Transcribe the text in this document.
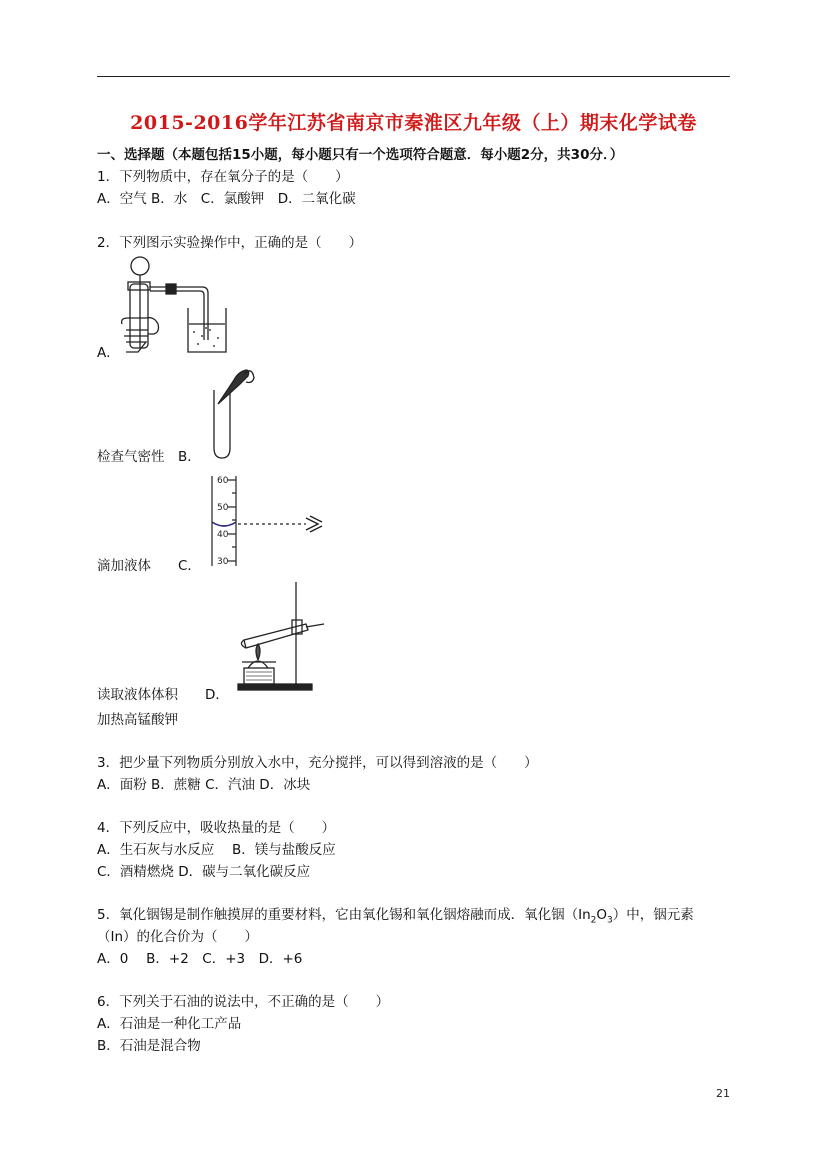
2015-2016学年江苏省南京市秦淮区九年级（上）期末化学试卷
一、选择题（本题包括15小题，每小题只有一个选项符合题意．每小题2分，共30分．）
1．下列物质中，存在氧分子的是（　　）
A．空气 B．水　C．氯酸钾　D．二氧化碳
2．下列图示实验操作中，正确的是（　　）
A．
检查气密性　B．
60
50
40
30
滴加液体　　C．
读取液体体积　　D．
加热高锰酸钾
3．把少量下列物质分别放入水中，充分搅拌，可以得到溶液的是（　　）
A．面粉 B．蔗糖 C．汽油 D．冰块
4．下列反应中，吸收热量的是（　　）
A．生石灰与水反应　 B．镁与盐酸反应
C．酒精燃烧 D．碳与二氧化碳反应
5．氧化铟锡是制作触摸屏的重要材料，它由氧化锡和氧化铟熔融而成．氧化铟$(In_2O_3)$中，铟元素
（In）的化合价为（　　）
A．0　 B．+2　C．+3　D．+6
6．下列关于石油的说法中，不正确的是（　　）
A．石油是一种化工产品
B．石油是混合物
21
